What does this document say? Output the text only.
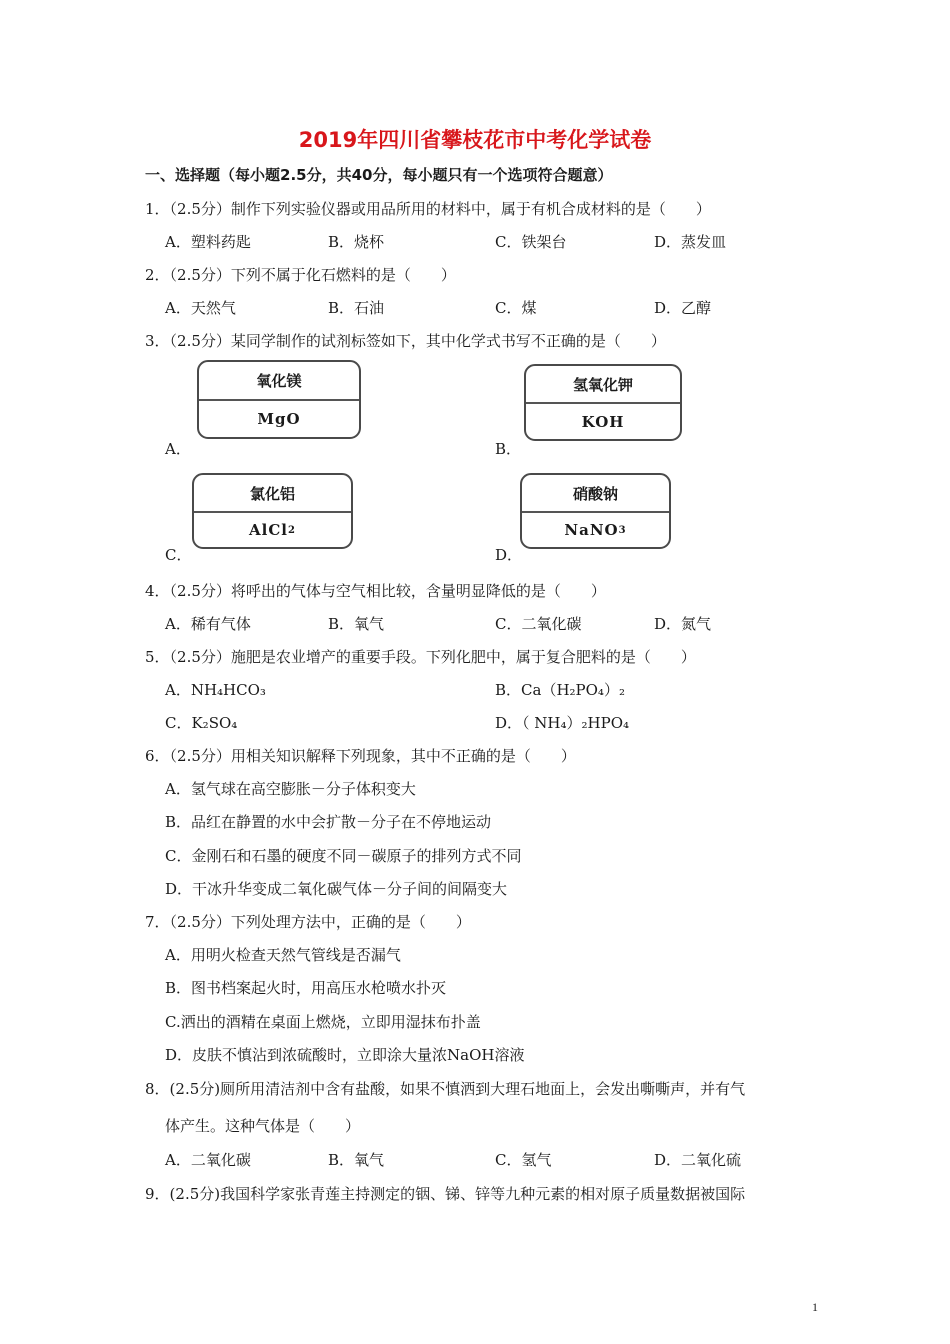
2019年四川省攀枝花市中考化学试卷
一、选择题（每小题2.5分，共40分，每小题只有一个选项符合题意）
1．（2.5分）制作下列实验仪器或用品所用的材料中，属于有机合成材料的是（　　）
A．塑料药匙	B．烧杯	C．铁架台	D．蒸发皿
2．（2.5分）下列不属于化石燃料的是（　　）
A．天然气	B．石油	C．煤	D．乙醇
3．（2.5分）某同学制作的试剂标签如下，其中化学式书写不正确的是（　　）
氧化镁
MgO
A．
氢氧化钾
KOH
B．
氯化铝
AlCl 2
C．
硝酸钠
NaNO 3
D．
4．（2.5分）将呼出的气体与空气相比较，含量明显降低的是（　　）
A．稀有气体	B．氧气	C．二氧化碳	D．氮气
5．（2.5分）施肥是农业增产的重要手段。下列化肥中，属于复合肥料的是（　　）
A．NH₄HCO₃	B．Ca（H₂PO₄）₂
C．K₂SO₄	D．（ NH₄）₂HPO₄
6．（2.5分）用相关知识解释下列现象，其中不正确的是（　　）
A．氢气球在高空膨胀－分子体积变大
B．品红在静置的水中会扩散－分子在不停地运动
C．金刚石和石墨的硬度不同－碳原子的排列方式不同
D．干冰升华变成二氧化碳气体－分子间的间隔变大
7．（2.5分）下列处理方法中，正确的是（　　）
A．用明火检查天然气管线是否漏气
B．图书档案起火时，用高压水枪喷水扑灭
C.洒出的酒精在桌面上燃烧，立即用湿抹布扑盖
D．皮肤不慎沾到浓硫酸时，立即涂大量浓NaOH溶液
8．(2.5分)厕所用清洁剂中含有盐酸，如果不慎洒到大理石地面上，会发出嘶嘶声，并有气
体产生。这种气体是（　　）
A．二氧化碳	B．氧气	C．氢气	D．二氧化硫
9．(2.5分)我国科学家张青莲主持测定的铟、锑、锌等九种元素的相对原子质量数据被国际
1
